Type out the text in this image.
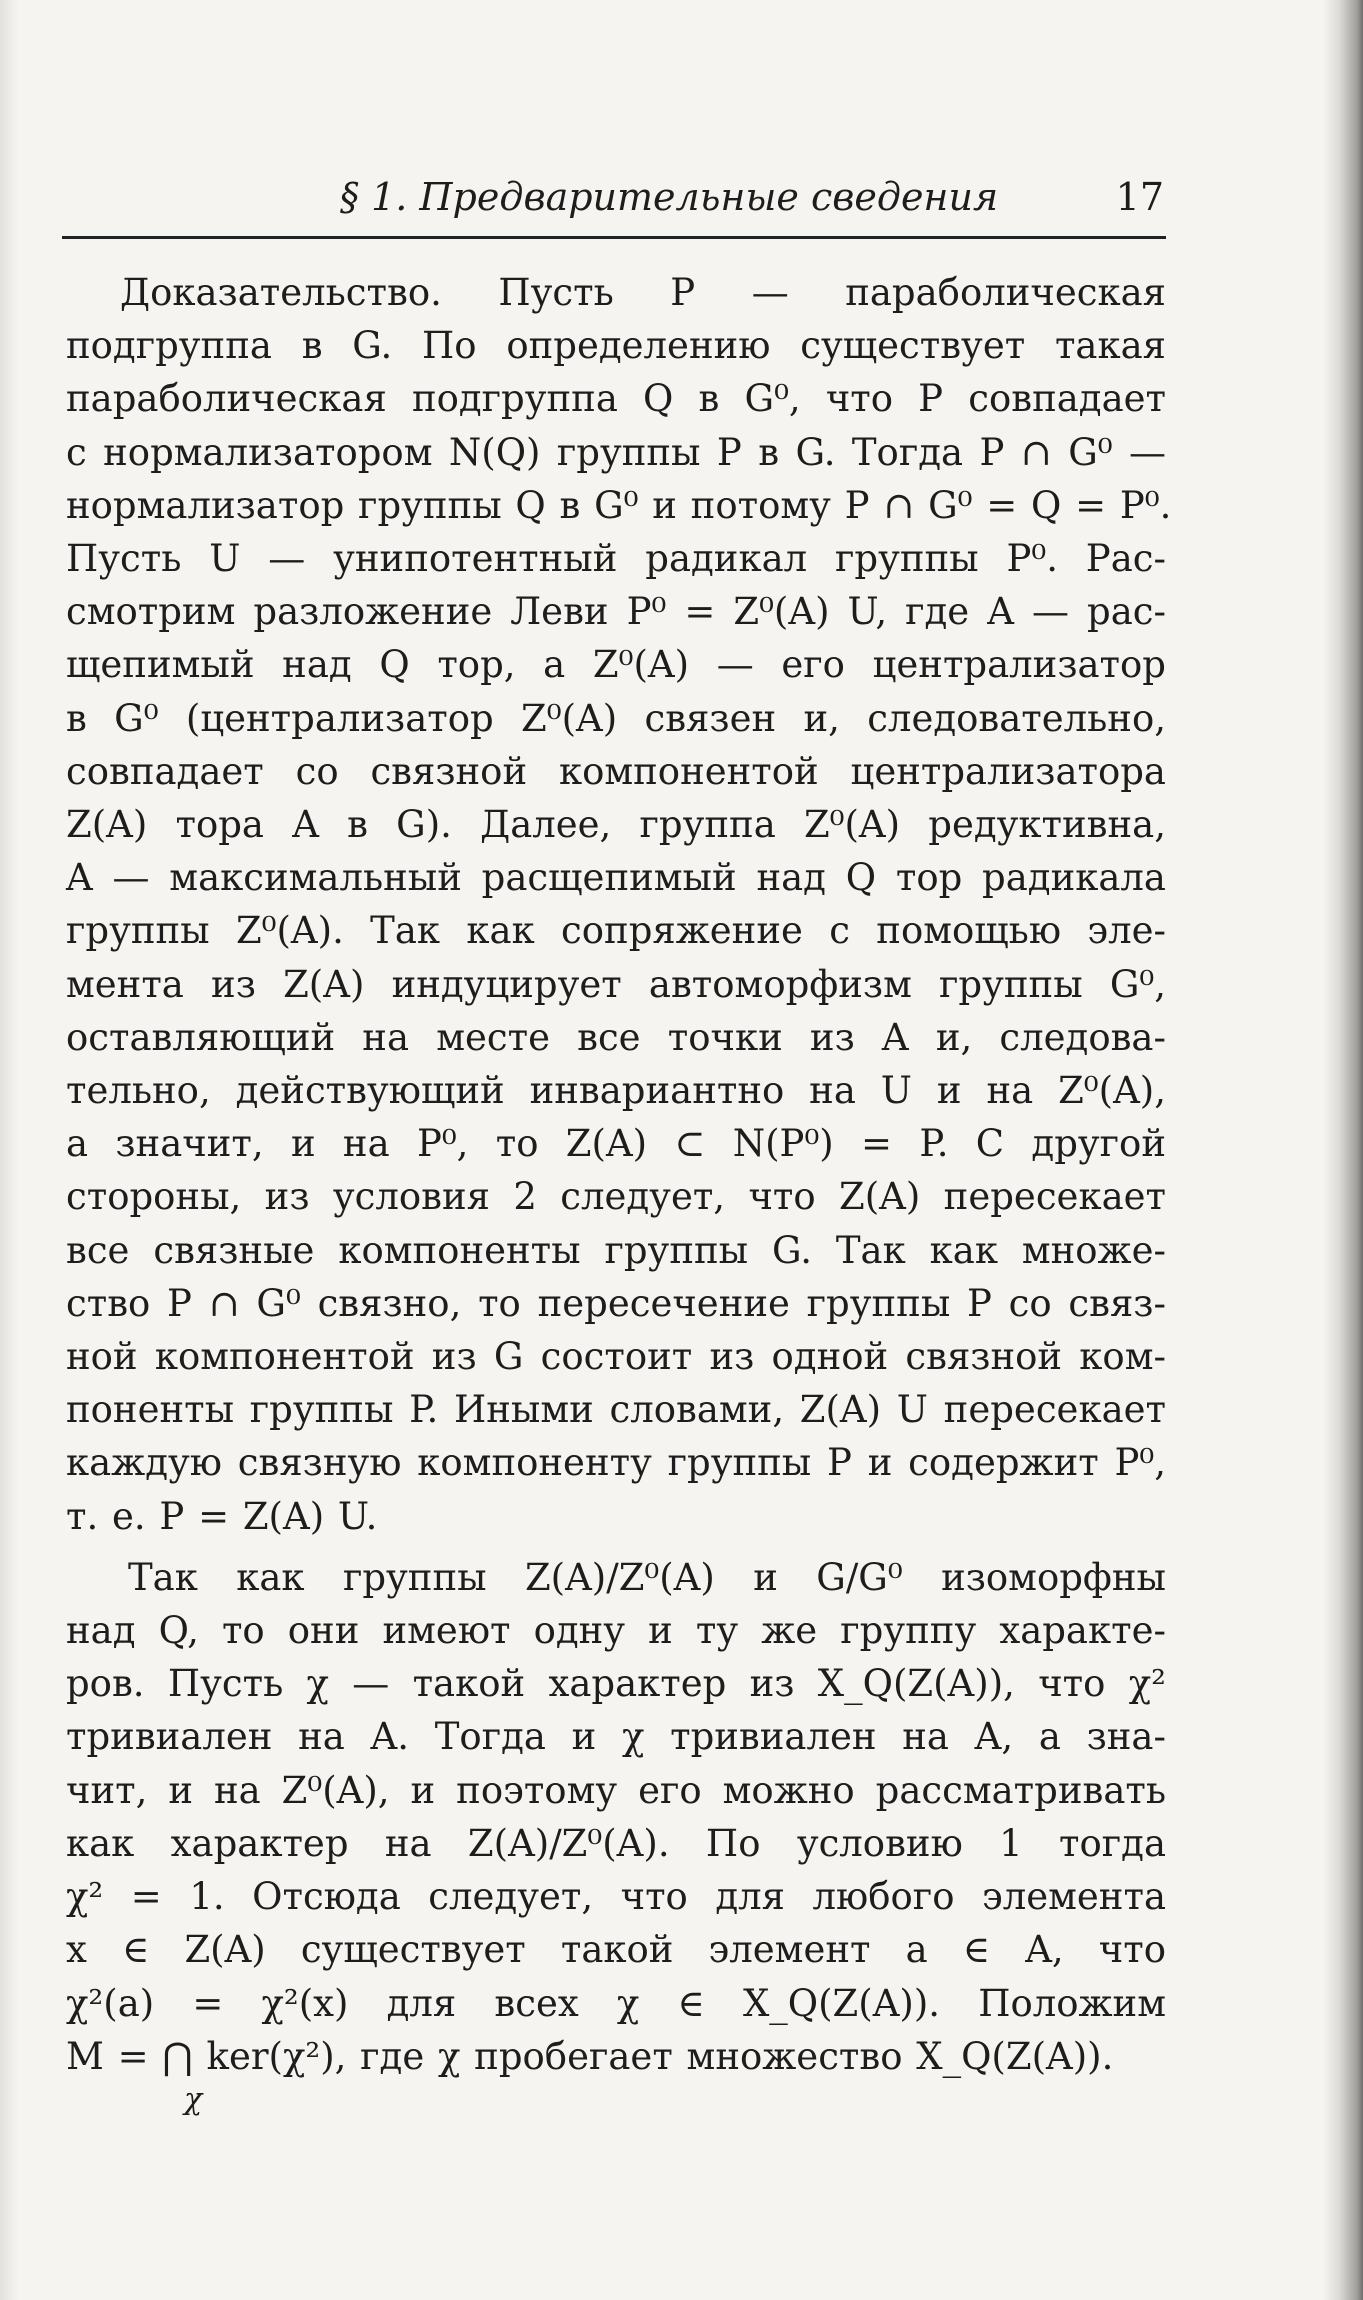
§ 1. Предварительные сведения	17
Доказательство. Пусть P — параболическая
подгруппа в G. По определению существует такая
параболическая подгруппа Q в G⁰, что P совпадает
с нормализатором N(Q) группы P в G. Тогда P ∩ G⁰ —
нормализатор группы Q в G⁰ и потому P ∩ G⁰ = Q = P⁰.
Пусть U — унипотентный радикал группы P⁰. Рас-
смотрим разложение Леви P⁰ = Z⁰(A) U, где A — рас-
щепимый над Q тор, а Z⁰(A) — его централизатор
в G⁰ (централизатор Z⁰(A) связен и, следовательно,
совпадает со связной компонентой централизатора
Z(A) тора A в G). Далее, группа Z⁰(A) редуктивна,
A — максимальный расщепимый над Q тор радикала
группы Z⁰(A). Так как сопряжение с помощью эле-
мента из Z(A) индуцирует автоморфизм группы G⁰,
оставляющий на месте все точки из A и, следова-
тельно, действующий инвариантно на U и на Z⁰(A),
а значит, и на P⁰, то Z(A) ⊂ N(P⁰) = P. С другой
стороны, из условия 2 следует, что Z(A) пересекает
все связные компоненты группы G. Так как множе-
ство P ∩ G⁰ связно, то пересечение группы P со связ-
ной компонентой из G состоит из одной связной ком-
поненты группы P. Иными словами, Z(A) U пересекает
каждую связную компоненту группы P и содержит P⁰,
т. е. P = Z(A) U.
Так как группы Z(A)/Z⁰(A) и G/G⁰ изоморфны
над Q, то они имеют одну и ту же группу характе-
ров. Пусть χ — такой характер из X_Q(Z(A)), что χ²
тривиален на A. Тогда и χ тривиален на A, а зна-
чит, и на Z⁰(A), и поэтому его можно рассматривать
как характер на Z(A)/Z⁰(A). По условию 1 тогда
χ² = 1. Отсюда следует, что для любого элемента
x ∈ Z(A) существует такой элемент a ∈ A, что
χ²(a) = χ²(x) для всех χ ∈ X_Q(Z(A)). Положим
M = ⋂ ker(χ²), где χ пробегает множество X_Q(Z(A)).
χ
